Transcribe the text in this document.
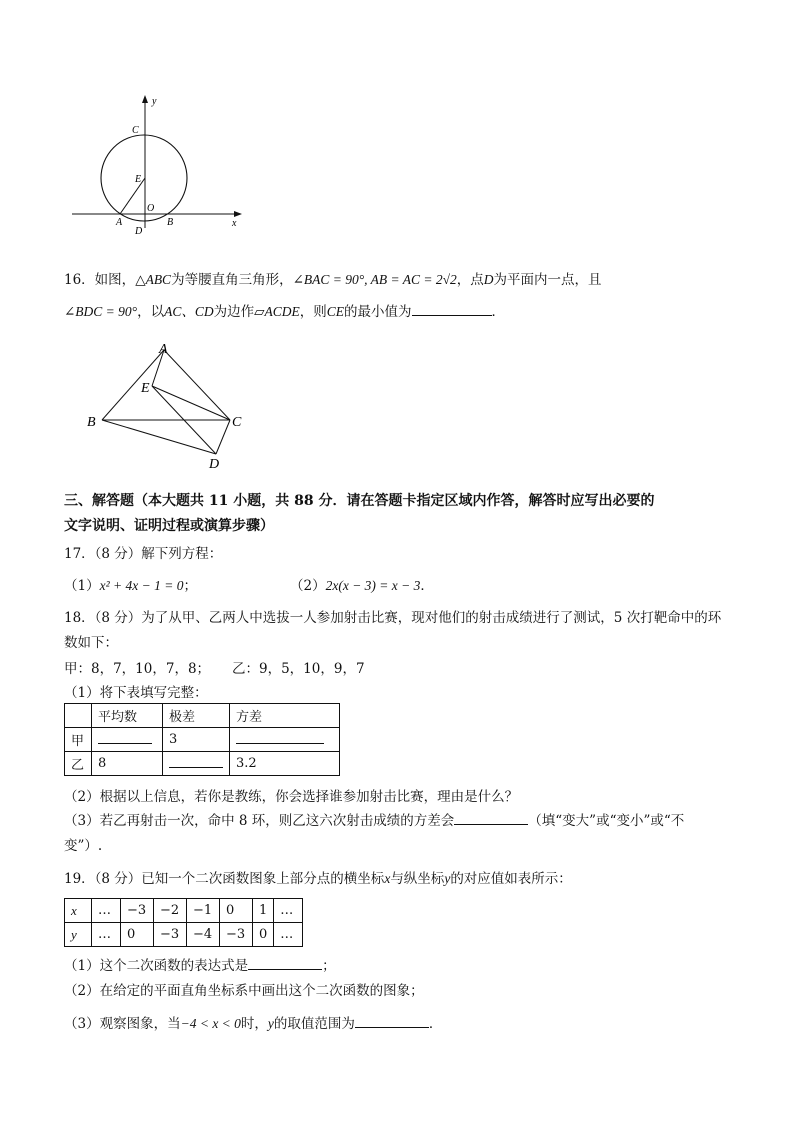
y
x
C
E
O
A
D
B
16．如图，△ABC为等腰直角三角形，∠BAC = 90°, AB = AC = 2√2，点D为平面内一点，且
∠BDC = 90°，以AC、CD为边作▱ACDE，则CE的最小值为	．
A
E
B	C
D
三、解答题（本大题共 11 小题，共 88 分．请在答题卡指定区域内作答，解答时应写出必要的
文字说明、证明过程或演算步骤）
17．（8 分）解下列方程：
（1）x² + 4x − 1 = 0；	（2）2x(x − 3) = x − 3．
18．（8 分）为了从甲、乙两人中选拔一人参加射击比赛，现对他们的射击成绩进行了测试，5 次打靶命中的环
数如下：
甲：8，7，10，7，8； 乙：9，5，10，9，7
（1）将下表填写完整：
	平均数	极差	方差
甲		3	
乙	8		3.2
（2）根据以上信息，若你是教练，你会选择谁参加射击比赛，理由是什么？
（3）若乙再射击一次，命中 8 环，则乙这六次射击成绩的方差会	（填“变大”或“变小”或“不
变”）.
19．（8 分）已知一个二次函数图象上部分点的横坐标x与纵坐标y的对应值如表所示：
x	…	−3	−2	−1	0	1	…
y	…	0	−3	−4	−3	0	…
（1）这个二次函数的表达式是	；
（2）在给定的平面直角坐标系中画出这个二次函数的图象；
（3）观察图象，当−4 < x < 0时，y的取值范围为	．
